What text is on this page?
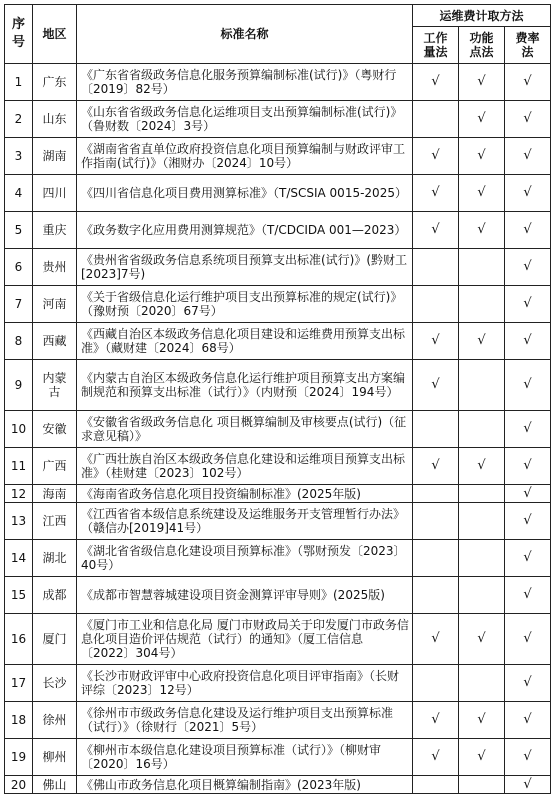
序号	地区	标准名称	运维费计取方法		
			工作量法	功能点法	费率法
1	广东	《广东省省级政务信息化服务预算编制标准(试行)》（粤财行〔2019〕82号）	√	√	√
2	山东	《山东省省级政务信息化运维项目支出预算编制标准(试行)》（鲁财数〔2024〕3号）		√	√
3	湖南	《湖南省省直单位政府投资信息化项目预算编制与财政评审工作指南(试行)》（湘财办〔2024〕10号）	√	√	√
4	四川	《四川省信息化项目费用测算标准》（T/SCSIA 0015-2025）	√	√	√
5	重庆	《政务数字化应用费用测算规范》（T/CDCIDA 001—2023）	√	√	√
6	贵州	《贵州省省级政务信息系统项目预算支出标准(试行)》(黔财工[2023]7号)			√
7	河南	《关于省级信息化运行维护项目支出预算标准的规定(试行)》（豫财预〔2020〕67号）			√
8	西藏	《西藏自治区本级政务信息化项目建设和运维费用预算支出标准》（藏财建〔2024〕68号）	√	√	√
9	内蒙古	《内蒙古自治区本级政务信息化运行维护项目预算支出方案编制规范和预算支出标准（试行）》（内财预〔2024〕194号）	√		√
10	安徽	《安徽省省级政务信息化 项目概算编制及审核要点(试行)（征求意见稿）》			√
11	广西	《广西壮族自治区本级政务信息化建设和运维项目预算支出标准》（桂财建〔2023〕102号）	√	√	√
12	海南	《海南省政务信息化项目投资编制标准》(2025年版)			√
13	江西	《江西省省本级信息系统建设及运维服务开支管理暂行办法》（赣信办[2019]41号）			√
14	湖北	《湖北省省级信息化建设项目预算标准》（鄂财预发〔2023〕40号）			√
15	成都	《成都市智慧蓉城建设项目资金测算评审导则》(2025版)			√
16	厦门	《厦门市工业和信息化局 厦门市财政局关于印发厦门市政务信息化项目造价评估规范（试行）的通知》（厦工信信息〔2022〕304号）	√	√	√
17	长沙	《长沙市财政评审中心政府投资信息化项目评审指南》（长财评综〔2023〕12号）			√
18	徐州	《徐州市市级政务信息化建设及运行维护项目支出预算标准（试行）》（徐财行〔2021〕5号）	√	√	√
19	柳州	《柳州市本级信息化建设项目预算标准（试行）》（柳财审〔2020〕16号）	√	√	√
20	佛山	《佛山市政务信息化项目概算编制指南》(2023年版)			√
